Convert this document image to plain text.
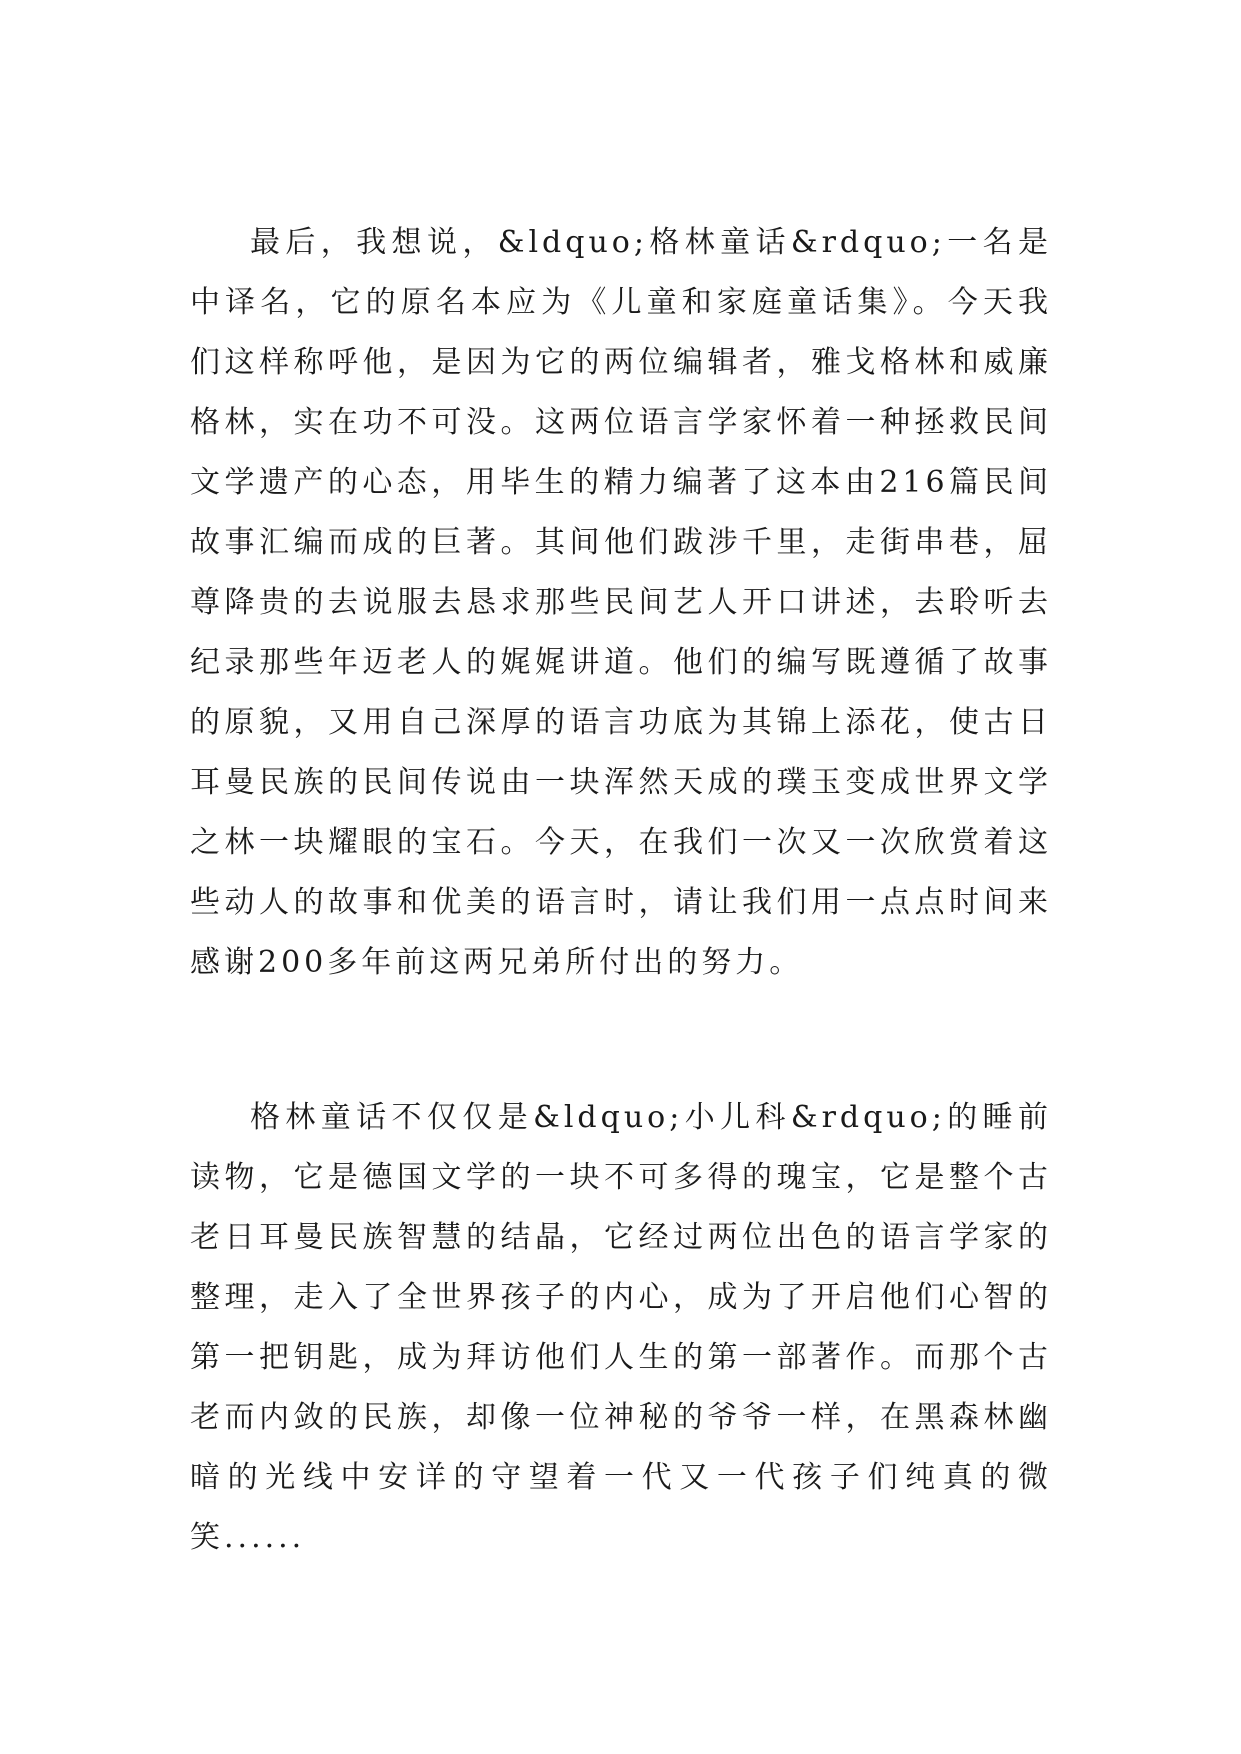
最后，我想说，&ldquo;格林童话&rdquo;一名是中译名，它的原名本应为《儿童和家庭童话集》。今天我们这样称呼他，是因为它的两位编辑者，雅戈格林和威廉格林，实在功不可没。这两位语言学家怀着一种拯救民间文学遗产的心态，用毕生的精力编著了这本由216篇民间故事汇编而成的巨著。其间他们跋涉千里，走街串巷，屈尊降贵的去说服去恳求那些民间艺人开口讲述，去聆听去纪录那些年迈老人的娓娓讲道。他们的编写既遵循了故事的原貌，又用自己深厚的语言功底为其锦上添花，使古日耳曼民族的民间传说由一块浑然天成的璞玉变成世界文学之林一块耀眼的宝石。今天，在我们一次又一次欣赏着这些动人的故事和优美的语言时，请让我们用一点点时间来感谢200多年前这两兄弟所付出的努力。

格林童话不仅仅是&ldquo;小儿科&rdquo;的睡前读物，它是德国文学的一块不可多得的瑰宝，它是整个古老日耳曼民族智慧的结晶，它经过两位出色的语言学家的整理，走入了全世界孩子的内心，成为了开启他们心智的第一把钥匙，成为拜访他们人生的第一部著作。而那个古老而内敛的民族，却像一位神秘的爷爷一样，在黑森林幽暗的光线中安详的守望着一代又一代孩子们纯真的微笑......
